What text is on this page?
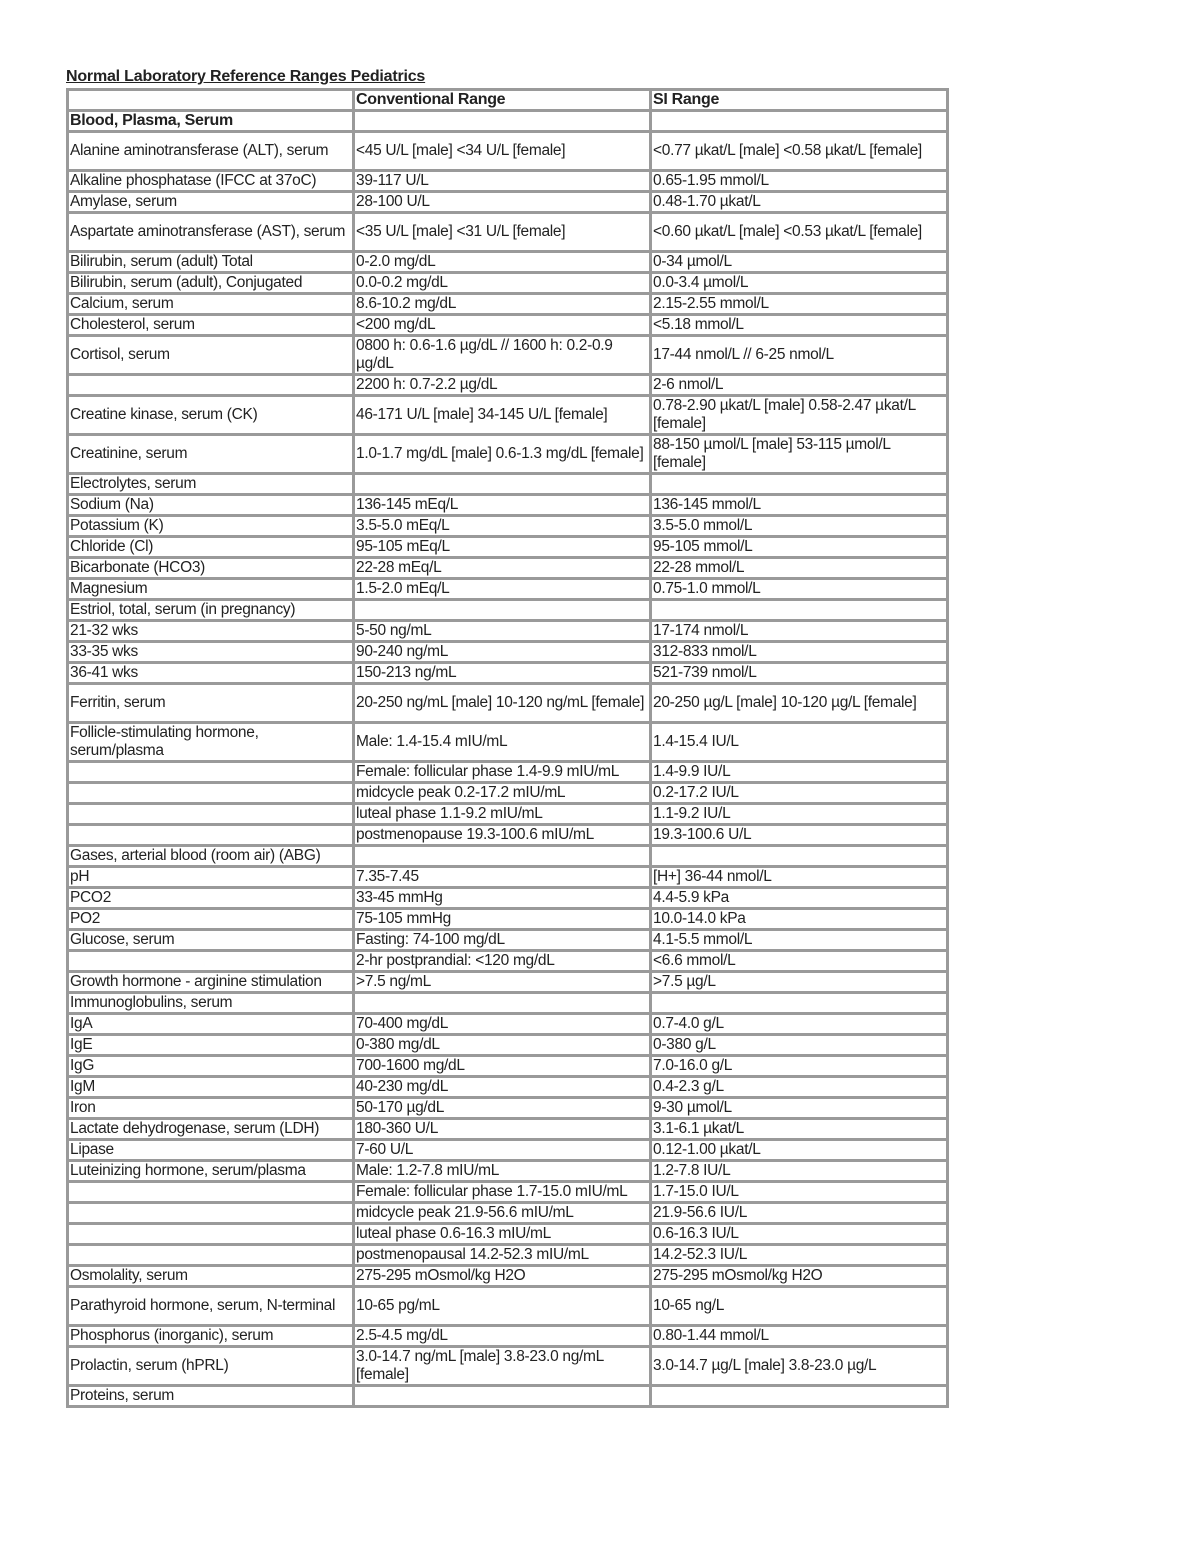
Normal Laboratory Reference Ranges Pediatrics
	Conventional Range	SI Range
Blood, Plasma, Serum		
Alanine aminotransferase (ALT), serum	<45 U/L [male] <34 U/L [female]	<0.77 µkat/L [male] <0.58 µkat/L [female]
Alkaline phosphatase (IFCC at 37oC)	39-117 U/L	0.65-1.95 mmol/L
Amylase, serum	28-100 U/L	0.48-1.70 µkat/L
Aspartate aminotransferase (AST), serum	<35 U/L [male] <31 U/L [female]	<0.60 µkat/L [male] <0.53 µkat/L [female]
Bilirubin, serum (adult) Total	0-2.0 mg/dL	0-34 µmol/L
Bilirubin, serum (adult), Conjugated	0.0-0.2 mg/dL	0.0-3.4 µmol/L
Calcium, serum	8.6-10.2 mg/dL	2.15-2.55 mmol/L
Cholesterol, serum	<200 mg/dL	<5.18 mmol/L
Cortisol, serum	0800 h: 0.6-1.6 µg/dL // 1600 h: 0.2-0.9 µg/dL	17-44 nmol/L // 6-25 nmol/L
	2200 h: 0.7-2.2 µg/dL	2-6 nmol/L
Creatine kinase, serum (CK)	46-171 U/L [male] 34-145 U/L [female]	0.78-2.90 µkat/L [male] 0.58-2.47 µkat/L [female]
Creatinine, serum	1.0-1.7 mg/dL [male] 0.6-1.3 mg/dL [female]	88-150 µmol/L [male] 53-115 µmol/L [female]
Electrolytes, serum		
Sodium (Na)	136-145 mEq/L	136-145 mmol/L
Potassium (K)	3.5-5.0 mEq/L	3.5-5.0 mmol/L
Chloride (Cl)	95-105 mEq/L	95-105 mmol/L
Bicarbonate (HCO3)	22-28 mEq/L	22-28 mmol/L
Magnesium	1.5-2.0 mEq/L	0.75-1.0 mmol/L
Estriol, total, serum (in pregnancy)		
21-32 wks	5-50 ng/mL	17-174 nmol/L
33-35 wks	90-240 ng/mL	312-833 nmol/L
36-41 wks	150-213 ng/mL	521-739 nmol/L
Ferritin, serum	20-250 ng/mL [male] 10-120 ng/mL [female]	20-250 µg/L [male] 10-120 µg/L [female]
Follicle-stimulating hormone, serum/plasma	Male: 1.4-15.4 mIU/mL	1.4-15.4 IU/L
	Female: follicular phase 1.4-9.9 mIU/mL	1.4-9.9 IU/L
	midcycle peak 0.2-17.2 mIU/mL	0.2-17.2 IU/L
	luteal phase 1.1-9.2 mIU/mL	1.1-9.2 IU/L
	postmenopause 19.3-100.6 mIU/mL	19.3-100.6 U/L
Gases, arterial blood (room air) (ABG)		
pH	7.35-7.45	[H+] 36-44 nmol/L
PCO2	33-45 mmHg	4.4-5.9 kPa
PO2	75-105 mmHg	10.0-14.0 kPa
Glucose, serum	Fasting: 74-100 mg/dL	4.1-5.5 mmol/L
	2-hr postprandial: <120 mg/dL	<6.6 mmol/L
Growth hormone - arginine stimulation	>7.5 ng/mL	>7.5 µg/L
Immunoglobulins, serum		
IgA	70-400 mg/dL	0.7-4.0 g/L
IgE	0-380 mg/dL	0-380 g/L
IgG	700-1600 mg/dL	7.0-16.0 g/L
IgM	40-230 mg/dL	0.4-2.3 g/L
Iron	50-170 µg/dL	9-30 µmol/L
Lactate dehydrogenase, serum (LDH)	180-360 U/L	3.1-6.1 µkat/L
Lipase	7-60 U/L	0.12-1.00 µkat/L
Luteinizing hormone, serum/plasma	Male: 1.2-7.8 mIU/mL	1.2-7.8 IU/L
	Female: follicular phase 1.7-15.0 mIU/mL	1.7-15.0 IU/L
	midcycle peak 21.9-56.6 mIU/mL	21.9-56.6 IU/L
	luteal phase 0.6-16.3 mIU/mL	0.6-16.3 IU/L
	postmenopausal 14.2-52.3 mIU/mL	14.2-52.3 IU/L
Osmolality, serum	275-295 mOsmol/kg H2O	275-295 mOsmol/kg H2O
Parathyroid hormone, serum, N-terminal	10-65 pg/mL	10-65 ng/L
Phosphorus (inorganic), serum	2.5-4.5 mg/dL	0.80-1.44 mmol/L
Prolactin, serum (hPRL)	3.0-14.7 ng/mL [male] 3.8-23.0 ng/mL [female]	3.0-14.7 µg/L [male] 3.8-23.0 µg/L
Proteins, serum		
